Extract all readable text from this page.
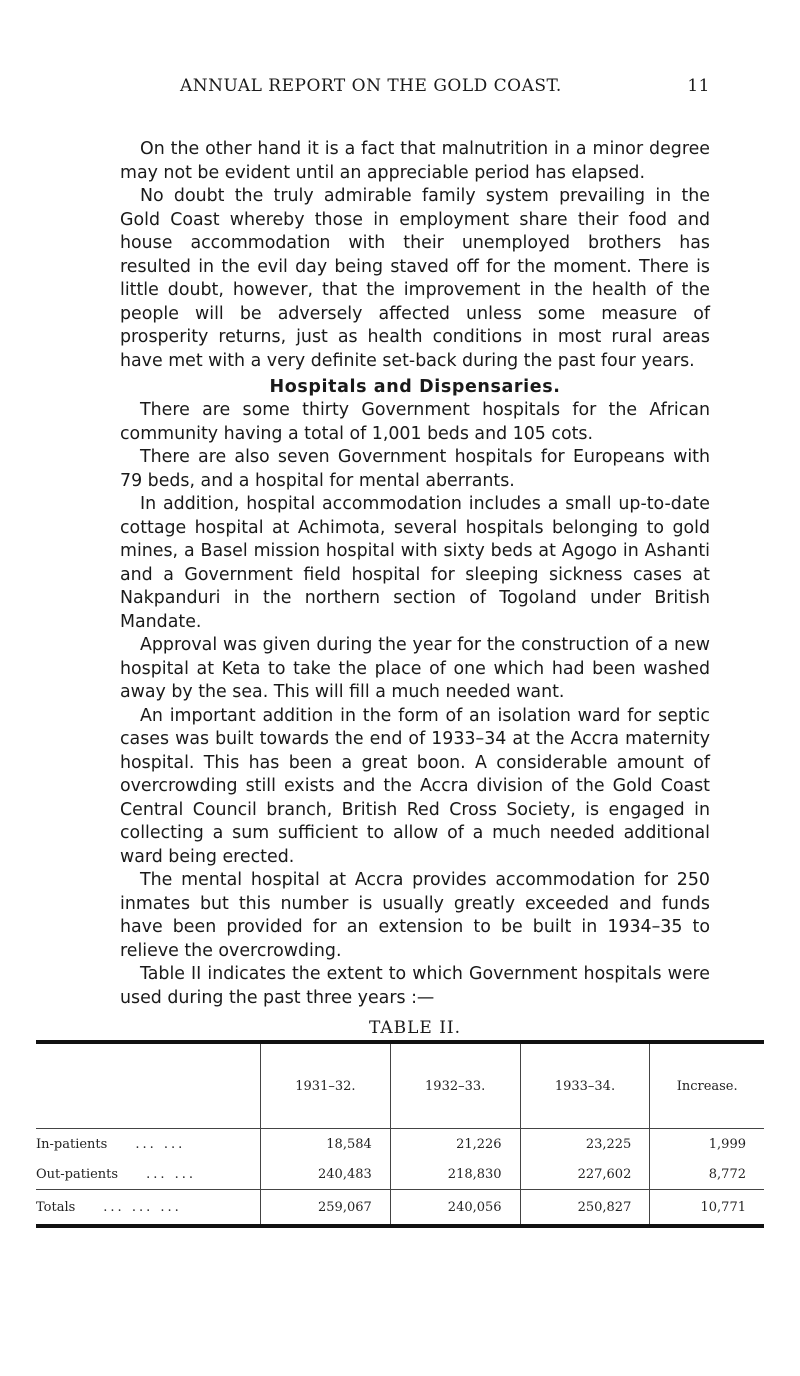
ANNUAL REPORT ON THE GOLD COAST.	11

On the other hand it is a fact that malnutrition in a minor degree may not be evident until an appreciable period has elapsed.

No doubt the truly admirable family system prevailing in the Gold Coast whereby those in employment share their food and house accommodation with their unemployed brothers has resulted in the evil day being staved off for the moment. There is little doubt, however, that the improvement in the health of the people will be adversely affected unless some measure of prosperity returns, just as health conditions in most rural areas have met with a very definite set-back during the past four years.

Hospitals and Dispensaries.

There are some thirty Government hospitals for the African community having a total of 1,001 beds and 105 cots.

There are also seven Government hospitals for Europeans with 79 beds, and a hospital for mental aberrants.

In addition, hospital accommodation includes a small up-to-date cottage hospital at Achimota, several hospitals belonging to gold mines, a Basel mission hospital with sixty beds at Agogo in Ashanti and a Government field hospital for sleeping sickness cases at Nakpanduri in the northern section of Togoland under British Mandate.

Approval was given during the year for the construction of a new hospital at Keta to take the place of one which had been washed away by the sea. This will fill a much needed want.

An important addition in the form of an isolation ward for septic cases was built towards the end of 1933–34 at the Accra maternity hospital. This has been a great boon. A considerable amount of overcrowding still exists and the Accra division of the Gold Coast Central Council branch, British Red Cross Society, is engaged in collecting a sum sufficient to allow of a much needed additional ward being erected.

The mental hospital at Accra provides accommodation for 250 inmates but this number is usually greatly exceeded and funds have been provided for an extension to be built in 1934–35 to relieve the overcrowding.

Table II indicates the extent to which Government hospitals were used during the past three years :—

TABLE II.
	1931–32.	1932–33.	1933–34.	Increase.
In-patients ... ...	18,584	21,226	23,225	1,999
Out-patients ... ...	240,483	218,830	227,602	8,772
Totals ... ... ...	259,067	240,056	250,827	10,771
